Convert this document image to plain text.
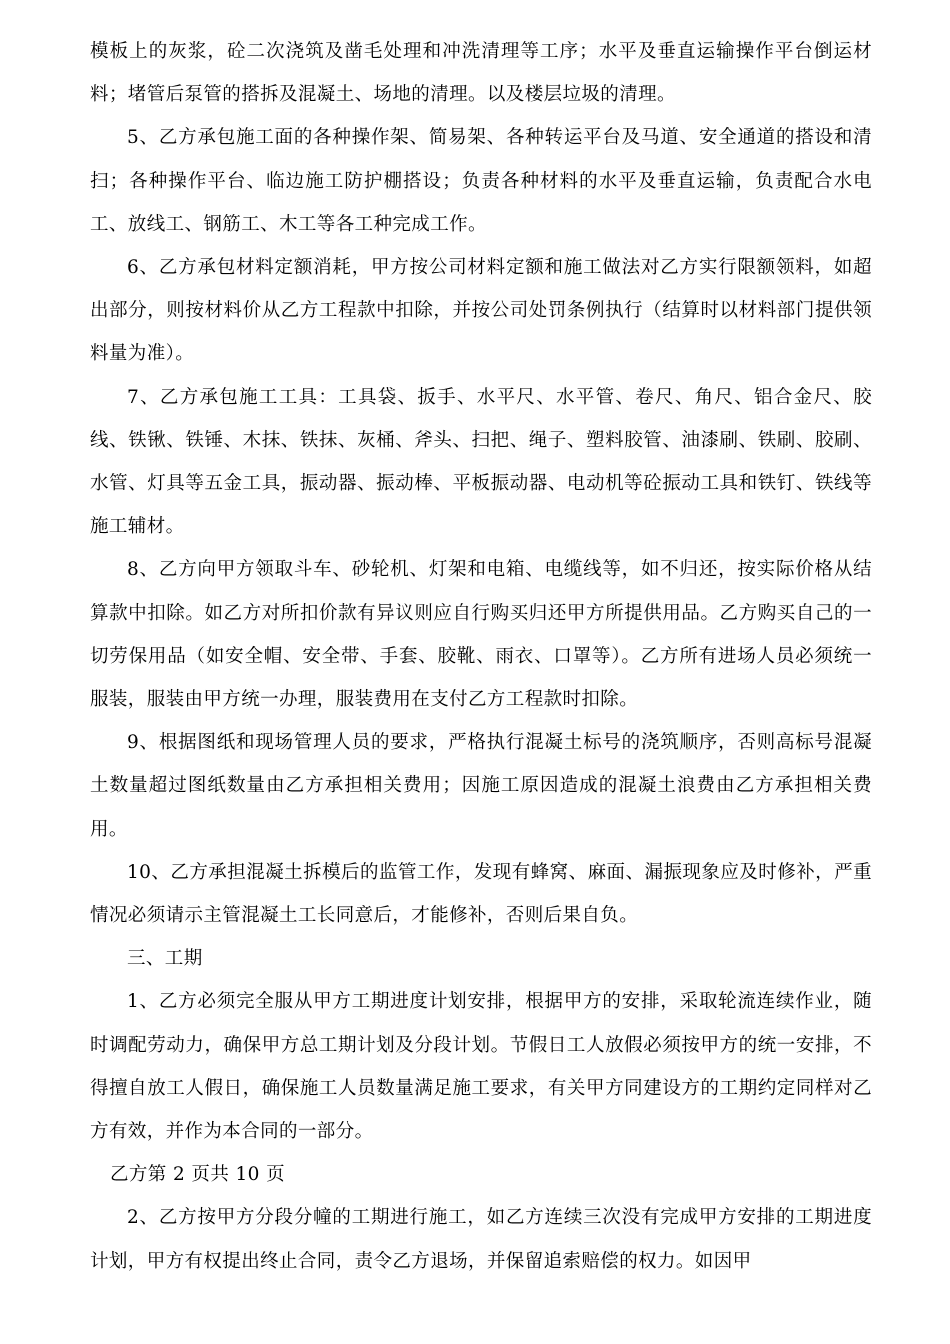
模板上的灰浆，砼二次浇筑及凿毛处理和冲洗清理等工序；水平及垂直运输操作平台倒运材料；堵管后泵管的搭拆及混凝土、场地的清理。以及楼层垃圾的清理。

5、乙方承包施工面的各种操作架、简易架、各种转运平台及马道、安全通道的搭设和清扫；各种操作平台、临边施工防护棚搭设；负责各种材料的水平及垂直运输，负责配合水电工、放线工、钢筋工、木工等各工种完成工作。

6、乙方承包材料定额消耗，甲方按公司材料定额和施工做法对乙方实行限额领料，如超出部分，则按材料价从乙方工程款中扣除，并按公司处罚条例执行（结算时以材料部门提供领料量为准）。

7、乙方承包施工工具：工具袋、扳手、水平尺、水平管、卷尺、角尺、铝合金尺、胶线、铁锹、铁锤、木抹、铁抹、灰桶、斧头、扫把、绳子、塑料胶管、油漆刷、铁刷、胶刷、水管、灯具等五金工具，振动器、振动棒、平板振动器、电动机等砼振动工具和铁钉、铁线等施工辅材。

8、乙方向甲方领取斗车、砂轮机、灯架和电箱、电缆线等，如不归还，按实际价格从结算款中扣除。如乙方对所扣价款有异议则应自行购买归还甲方所提供用品。乙方购买自己的一切劳保用品（如安全帽、安全带、手套、胶靴、雨衣、口罩等）。乙方所有进场人员必须统一服装，服装由甲方统一办理，服装费用在支付乙方工程款时扣除。

9、根据图纸和现场管理人员的要求，严格执行混凝土标号的浇筑顺序，否则高标号混凝土数量超过图纸数量由乙方承担相关费用；因施工原因造成的混凝土浪费由乙方承担相关费用。

10、乙方承担混凝土拆模后的监管工作，发现有蜂窝、麻面、漏振现象应及时修补，严重情况必须请示主管混凝土工长同意后，才能修补，否则后果自负。

三、工期

1、乙方必须完全服从甲方工期进度计划安排，根据甲方的安排，采取轮流连续作业，随时调配劳动力，确保甲方总工期计划及分段计划。节假日工人放假必须按甲方的统一安排，不得擅自放工人假日，确保施工人员数量满足施工要求，有关甲方同建设方的工期约定同样对乙方有效，并作为本合同的一部分。

乙方第 2 页共 10 页

2、乙方按甲方分段分幢的工期进行施工，如乙方连续三次没有完成甲方安排的工期进度计划，甲方有权提出终止合同，责令乙方退场，并保留追索赔偿的权力。如因甲
